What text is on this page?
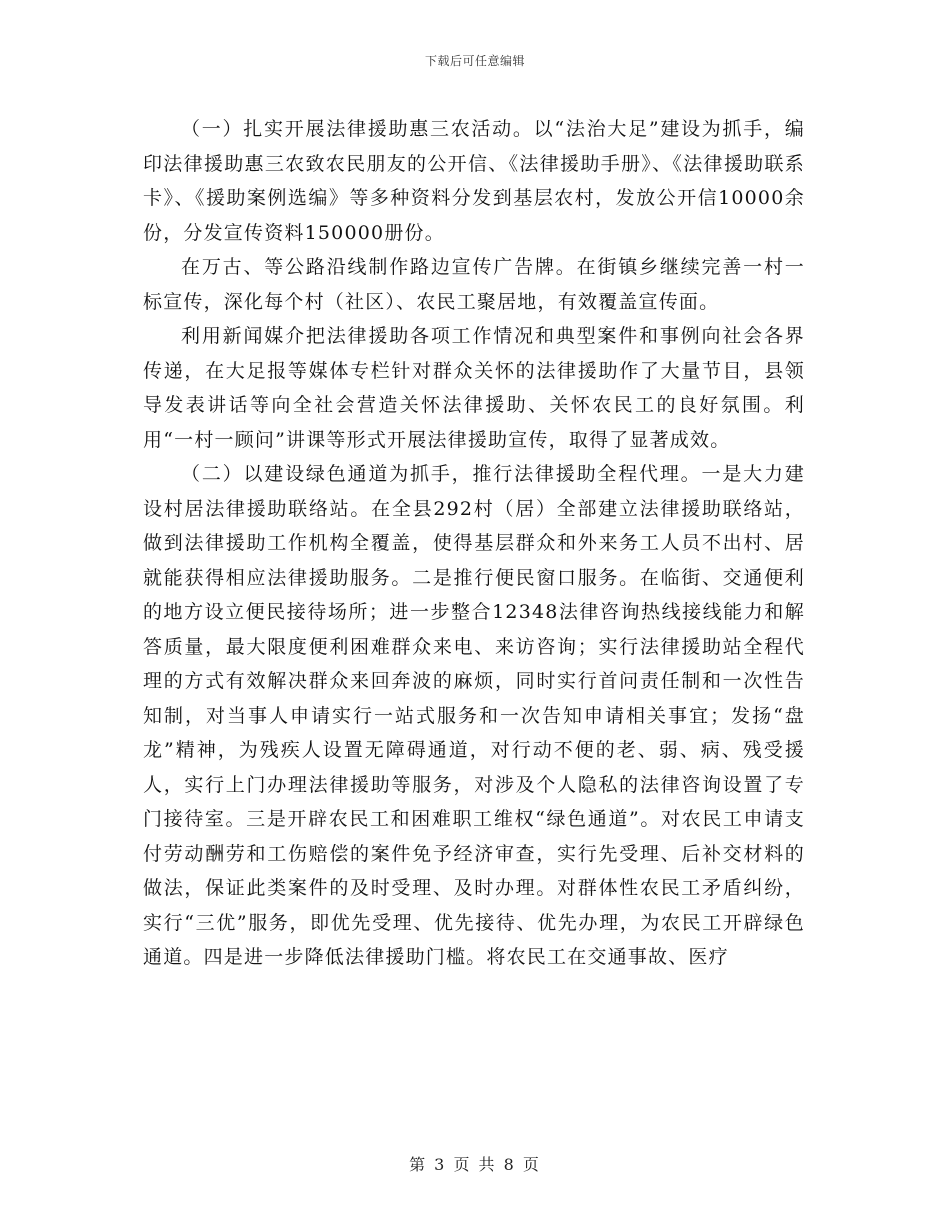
下载后可任意编辑

（一）扎实开展法律援助惠三农活动。以“法治大足”建设为抓手，编印法律援助惠三农致农民朋友的公开信、《法律援助手册》、《法律援助联系卡》、《援助案例选编》等多种资料分发到基层农村，发放公开信10000余份，分发宣传资料150000册份。

在万古、等公路沿线制作路边宣传广告牌。在街镇乡继续完善一村一标宣传，深化每个村（社区）、农民工聚居地，有效覆盖宣传面。

利用新闻媒介把法律援助各项工作情况和典型案件和事例向社会各界传递，在大足报等媒体专栏针对群众关怀的法律援助作了大量节目，县领导发表讲话等向全社会营造关怀法律援助、关怀农民工的良好氛围。利用“一村一顾问”讲课等形式开展法律援助宣传，取得了显著成效。

（二）以建设绿色通道为抓手，推行法律援助全程代理。一是大力建设村居法律援助联络站。在全县292村（居）全部建立法律援助联络站，做到法律援助工作机构全覆盖，使得基层群众和外来务工人员不出村、居就能获得相应法律援助服务。二是推行便民窗口服务。在临街、交通便利的地方设立便民接待场所；进一步整合12348法律咨询热线接线能力和解答质量，最大限度便利困难群众来电、来访咨询；实行法律援助站全程代理的方式有效解决群众来回奔波的麻烦，同时实行首问责任制和一次性告知制，对当事人申请实行一站式服务和一次告知申请相关事宜；发扬“盘龙”精神，为残疾人设置无障碍通道，对行动不便的老、弱、病、残受援人，实行上门办理法律援助等服务，对涉及个人隐私的法律咨询设置了专门接待室。三是开辟农民工和困难职工维权“绿色通道”。对农民工申请支付劳动酬劳和工伤赔偿的案件免予经济审查，实行先受理、后补交材料的做法，保证此类案件的及时受理、及时办理。对群体性农民工矛盾纠纷，实行“三优”服务，即优先受理、优先接待、优先办理，为农民工开辟绿色通道。四是进一步降低法律援助门槛。将农民工在交通事故、医疗

第 3 页 共 8 页
